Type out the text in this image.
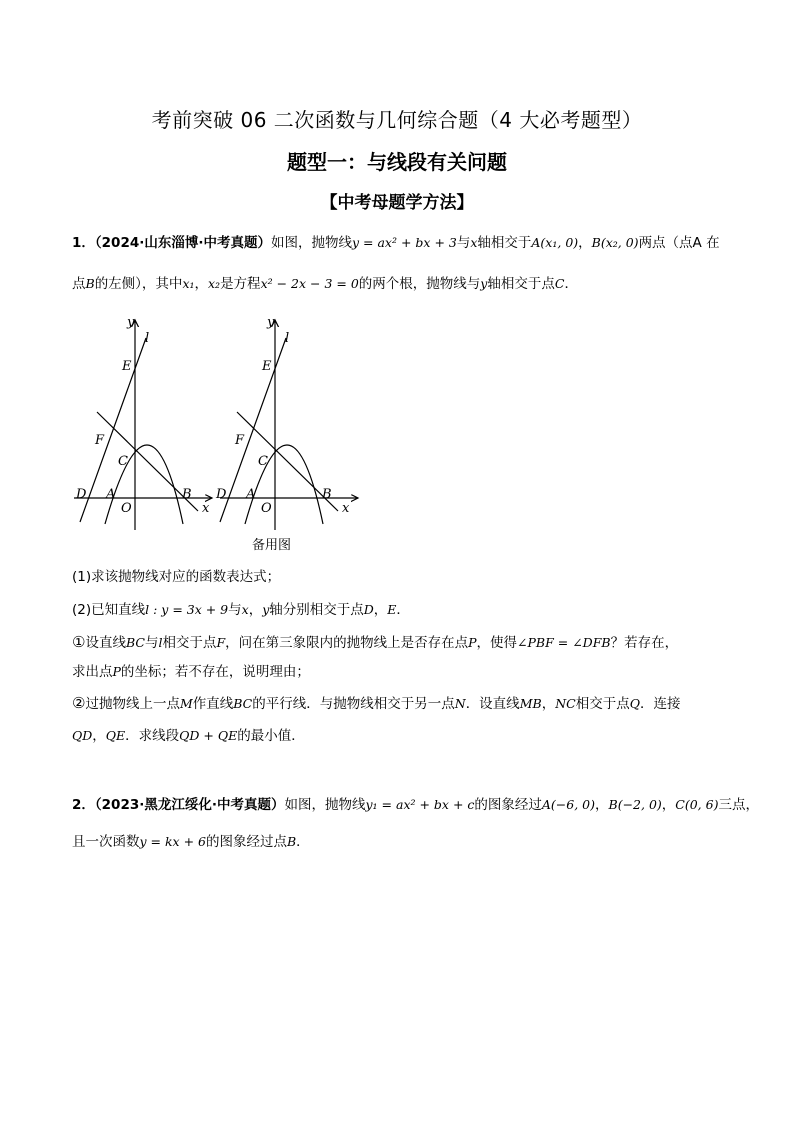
考前突破 06 二次函数与几何综合题（4 大必考题型）
题型一：与线段有关问题
【中考母题学方法】
1．（2024·山东淄博·中考真题）如图，抛物线y = ax² + bx + 3与x轴相交于A(x₁, 0)，B(x₂, 0)两点（点A 在
点B的左侧），其中x₁，x₂是方程x² − 2x − 3 = 0的两个根，抛物线与y轴相交于点C．
y
l
E
F
C
D A
O
B
x
y
l
E
F
C
D A
O
B
x
备用图
(1)求该抛物线对应的函数表达式；
(2)已知直线l : y = 3x + 9与x，y轴分别相交于点D，E．
①设直线BC与l相交于点F，问在第三象限内的抛物线上是否存在点P，使得∠PBF = ∠DFB？若存在，
求出点P的坐标；若不存在，说明理由；
②过抛物线上一点M作直线BC的平行线．与抛物线相交于另一点N．设直线MB，NC相交于点Q．连接
QD，QE．求线段QD + QE的最小值．
2．（2023·黑龙江绥化·中考真题）如图，抛物线y₁ = ax² + bx + c的图象经过A(−6, 0)，B(−2, 0)，C(0, 6)三点，
且一次函数y = kx + 6的图象经过点B．
